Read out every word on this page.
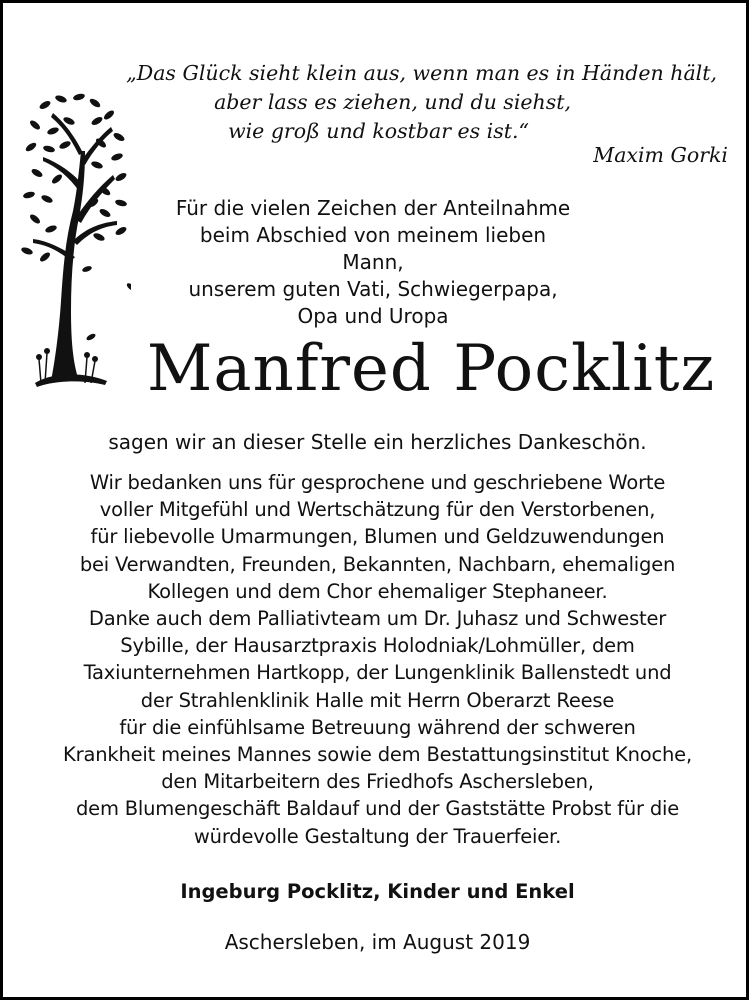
„Das Glück sieht klein aus, wenn man es in Händen hält,
aber lass es ziehen, und du siehst,
wie groß und kostbar es ist.“
Maxim Gorki
Für die vielen Zeichen der Anteilnahme
beim Abschied von meinem lieben Mann,
unserem guten Vati, Schwiegerpapa,
Opa und Uropa
Manfred Pocklitz
sagen wir an dieser Stelle ein herzliches Dankeschön.
Wir bedanken uns für gesprochene und geschriebene Worte
voller Mitgefühl und Wertschätzung für den Verstorbenen,
für liebevolle Umarmungen, Blumen und Geldzuwendungen
bei Verwandten, Freunden, Bekannten, Nachbarn, ehemaligen
Kollegen und dem Chor ehemaliger Stephaneer.
Danke auch dem Palliativteam um Dr. Juhasz und Schwester
Sybille, der Hausarztpraxis Holodniak/Lohmüller, dem
Taxiunternehmen Hartkopp, der Lungenklinik Ballenstedt und
der Strahlenklinik Halle mit Herrn Oberarzt Reese
für die einfühlsame Betreuung während der schweren
Krankheit meines Mannes sowie dem Bestattungsinstitut Knoche,
den Mitarbeitern des Friedhofs Aschersleben,
dem Blumengeschäft Baldauf und der Gaststätte Probst für die
würdevolle Gestaltung der Trauerfeier.
Ingeburg Pocklitz, Kinder und Enkel
Aschersleben, im August 2019
